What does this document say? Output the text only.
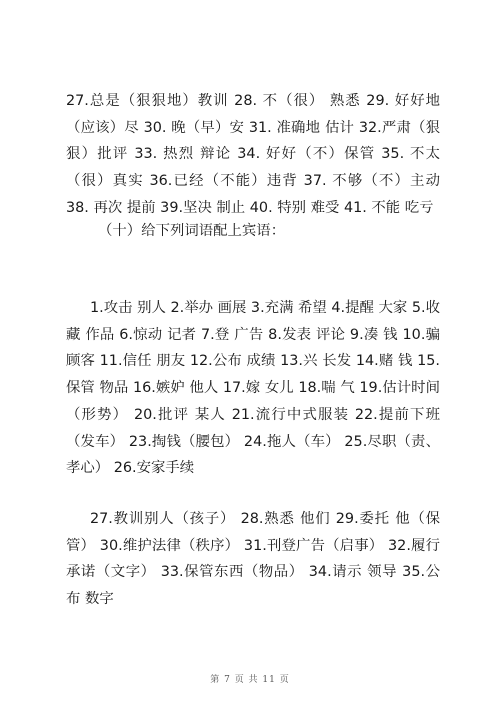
27.总是（狠狠地）教训 28. 不（很） 熟悉 29. 好好地（应该）尽 30. 晚（早）安 31. 准确地 估计 32.严肃（狠狠）批评 33. 热烈 辩论 34. 好好（不）保管 35. 不太（很）真实 36.已经（不能）违背 37. 不够（不）主动 38. 再次 提前 39.坚决 制止 40. 特别 难受 41. 不能 吃亏

（十）给下列词语配上宾语：

1.攻击 别人 2.举办 画展 3.充满 希望 4.提醒 大家 5.收藏 作品 6.惊动 记者 7.登 广告 8.发表 评论 9.凑 钱 10.骗 顾客 11.信任 朋友 12.公布 成绩 13.兴 长发 14.赌 钱 15.保管 物品 16.嫉妒 他人 17.嫁 女儿 18.喘 气 19.估计时间（形势） 20.批评 某人 21.流行中式服装 22.提前下班（发车） 23.掏钱（腰包） 24.拖人（车） 25.尽职（责、孝心） 26.安家手续

27.教训别人（孩子） 28.熟悉 他们 29.委托 他（保管） 30.维护法律（秩序） 31.刊登广告（启事） 32.履行承诺（文字） 33.保管东西（物品） 34.请示 领导 35.公布 数字

第 7 页 共 11 页
